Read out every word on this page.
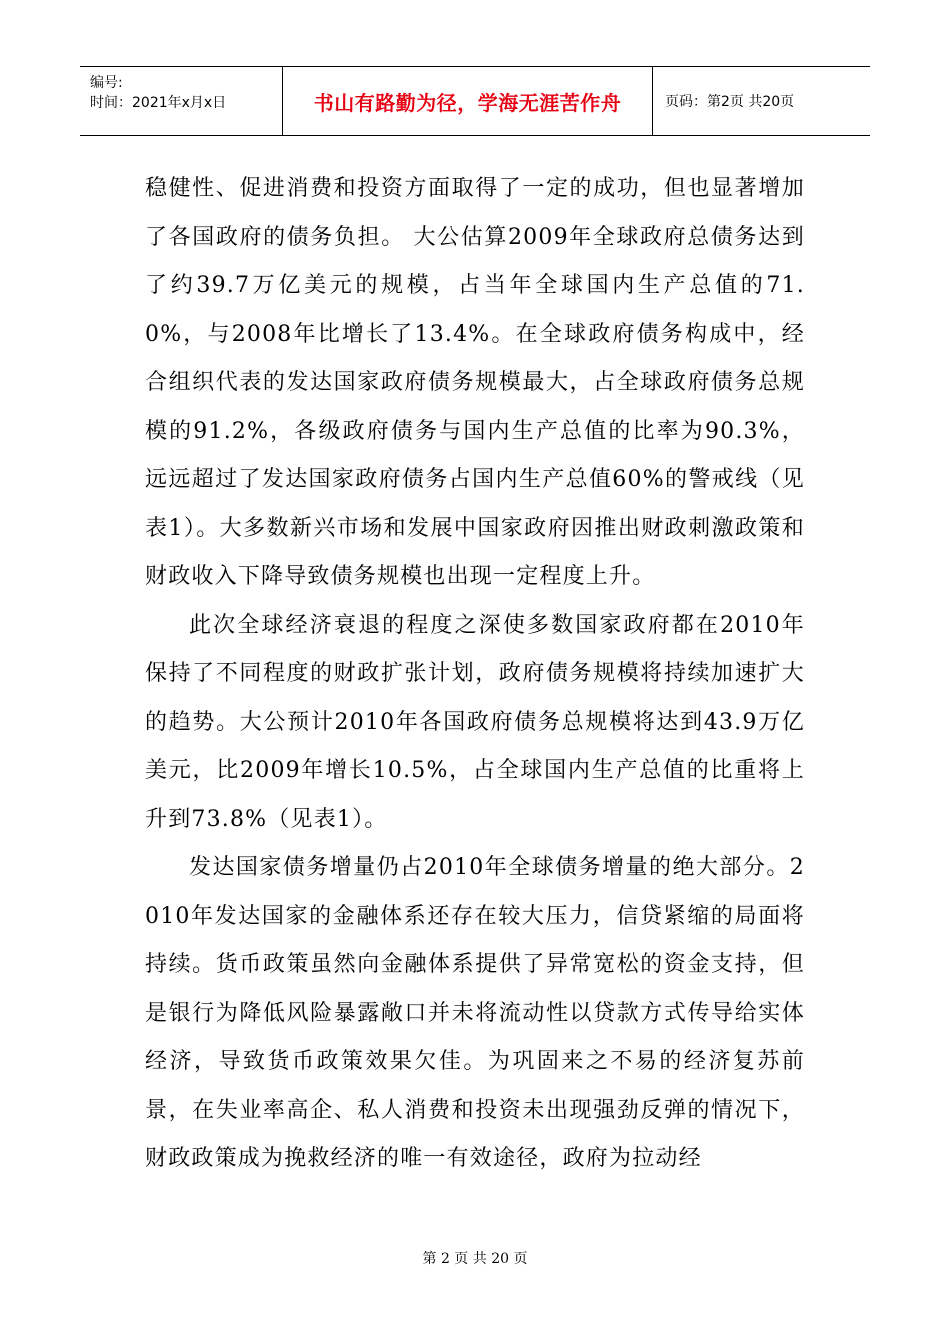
编号:
时间：2021年x月x日	书山有路勤为径，学海无涯苦作舟	页码：第2页 共20页

稳健性、促进消费和投资方面取得了一定的成功，但也显著增加了各国政府的债务负担。 大公估算2009年全球政府总债务达到了约39.7万亿美元的规模，占当年全球国内生产总值的71.0%，与2008年比增长了13.4%。在全球政府债务构成中，经合组织代表的发达国家政府债务规模最大，占全球政府债务总规模的91.2%，各级政府债务与国内生产总值的比率为90.3%，远远超过了发达国家政府债务占国内生产总值60%的警戒线（见表1）。大多数新兴市场和发展中国家政府因推出财政刺激政策和财政收入下降导致债务规模也出现一定程度上升。

此次全球经济衰退的程度之深使多数国家政府都在2010年保持了不同程度的财政扩张计划，政府债务规模将持续加速扩大的趋势。大公预计2010年各国政府债务总规模将达到43.9万亿美元，比2009年增长10.5%，占全球国内生产总值的比重将上升到73.8%（见表1）。

发达国家债务增量仍占2010年全球债务增量的绝大部分。2010年发达国家的金融体系还存在较大压力，信贷紧缩的局面将持续。货币政策虽然向金融体系提供了异常宽松的资金支持，但是银行为降低风险暴露敞口并未将流动性以贷款方式传导给实体经济，导致货币政策效果欠佳。为巩固来之不易的经济复苏前景，在失业率高企、私人消费和投资未出现强劲反弹的情况下，财政政策成为挽救经济的唯一有效途径，政府为拉动经

第 2 页 共 20 页
